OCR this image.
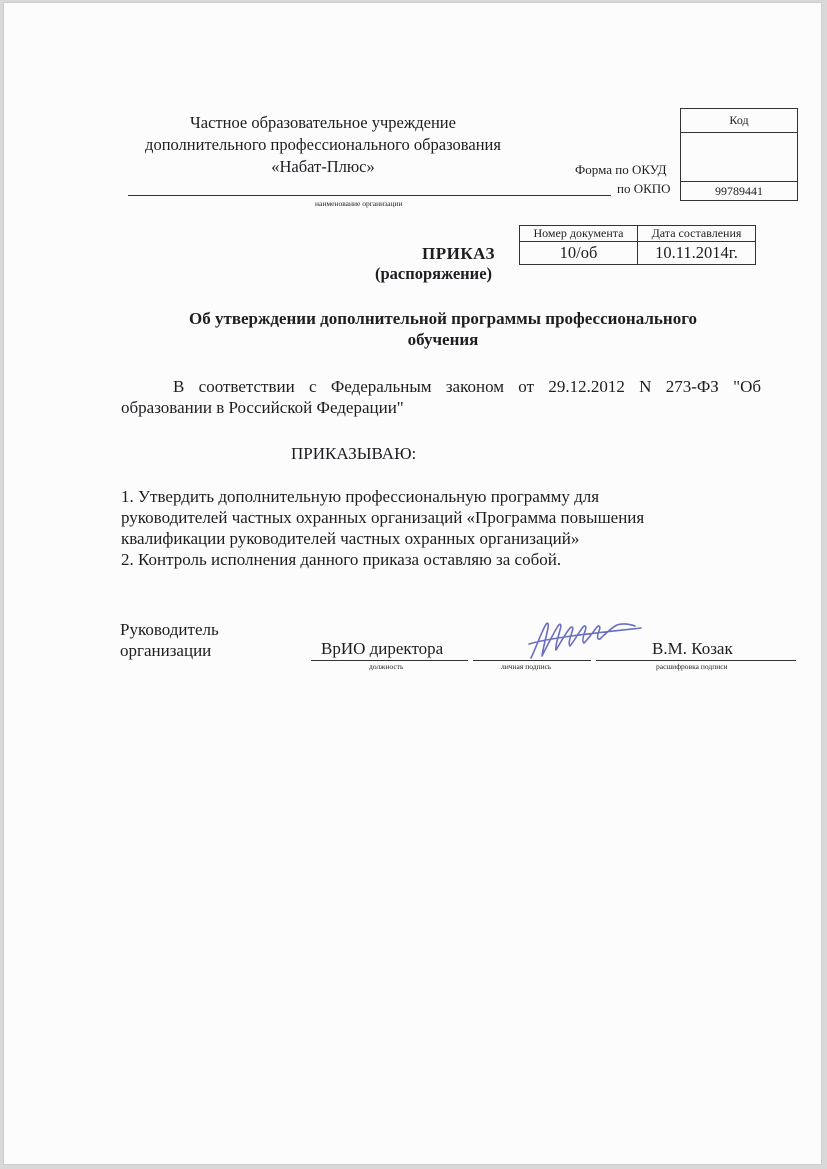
Частное образовательное учреждение
дополнительного профессионального образования
«Набат-Плюс»
наименование организации
Форма по ОКУД
по ОКПО
Код

99789441
Номер документа	Дата составления
10/об	10.11.2014г.
ПРИКАЗ
(распоряжение)
Об утверждении дополнительной программы профессионального
обучения
В соответствии с Федеральным законом от 29.12.2012 N 273-ФЗ "Об
образовании в Российской Федерации"
ПРИКАЗЫВАЮ:
1. Утвердить дополнительную профессиональную программу для
руководителей частных охранных организаций «Программа повышения
квалификации руководителей частных охранных организаций»
2. Контроль исполнения данного приказа оставляю за собой.
Руководитель
организации	ВрИО директора
должность	личная подпись
В.М. Козак
расшифровка подписи
